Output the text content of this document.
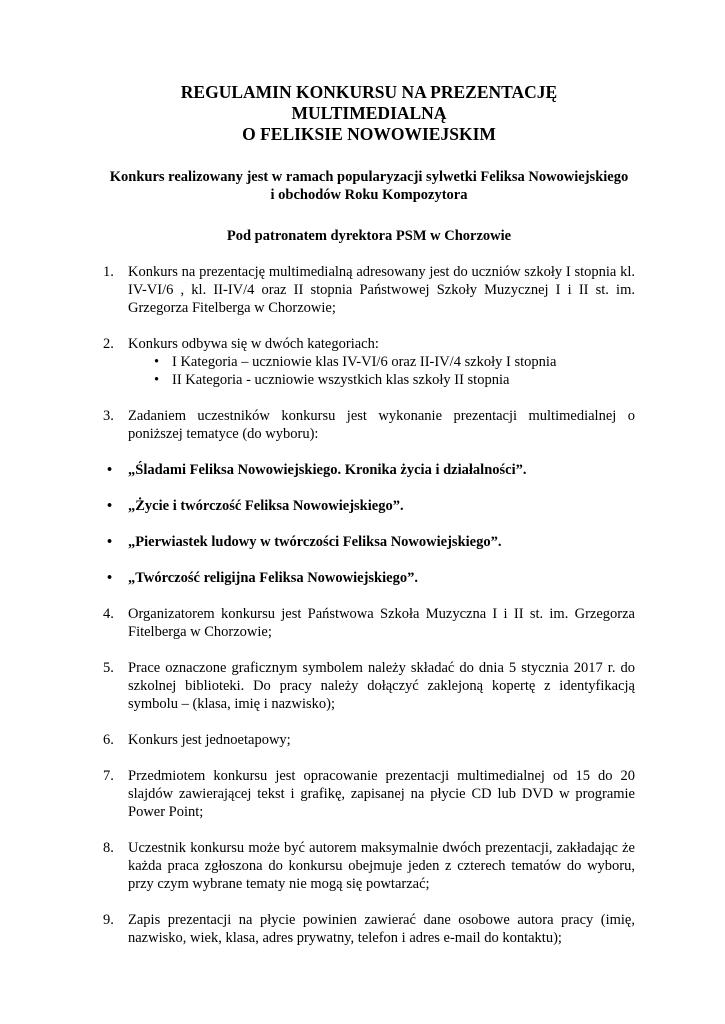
REGULAMIN KONKURSU NA PREZENTACJĘ MULTIMEDIALNĄ
O FELIKSIE NOWOWIEJSKIM

Konkurs realizowany jest w ramach popularyzacji sylwetki Feliksa Nowowiejskiego
i obchodów Roku Kompozytora

Pod patronatem dyrektora PSM w Chorzowie

1. Konkurs na prezentację multimedialną adresowany jest do uczniów szkoły I stopnia kl. IV-VI/6 , kl. II-IV/4 oraz II stopnia Państwowej Szkoły Muzycznej I i II st. im. Grzegorza Fitelberga w Chorzowie;
2. Konkurs odbywa się w dwóch kategoriach:
• I Kategoria – uczniowie klas IV-VI/6 oraz II-IV/4 szkoły I stopnia
• II Kategoria - uczniowie wszystkich klas szkoły II stopnia
3. Zadaniem uczestników konkursu jest wykonanie prezentacji multimedialnej o poniższej tematyce (do wyboru):
• „Śladami Feliksa Nowowiejskiego. Kronika życia i działalności”.
• „Życie i twórczość Feliksa Nowowiejskiego”.
• „Pierwiastek ludowy w twórczości Feliksa Nowowiejskiego”.
• „Twórczość religijna Feliksa Nowowiejskiego”.
4. Organizatorem konkursu jest Państwowa Szkoła Muzyczna I i II st. im. Grzegorza Fitelberga w Chorzowie;
5. Prace oznaczone graficznym symbolem należy składać do dnia 5 stycznia 2017 r. do szkolnej biblioteki. Do pracy należy dołączyć zaklejoną kopertę z identyfikacją symbolu – (klasa, imię i nazwisko);
6. Konkurs jest jednoetapowy;
7. Przedmiotem konkursu jest opracowanie prezentacji multimedialnej od 15 do 20 slajdów zawierającej tekst i grafikę, zapisanej na płycie CD lub DVD w programie Power Point;
8. Uczestnik konkursu może być autorem maksymalnie dwóch prezentacji, zakładając że każda praca zgłoszona do konkursu obejmuje jeden z czterech tematów do wyboru, przy czym wybrane tematy nie mogą się powtarzać;
9. Zapis prezentacji na płycie powinien zawierać dane osobowe autora pracy (imię, nazwisko, wiek, klasa, adres prywatny, telefon i adres e-mail do kontaktu);
